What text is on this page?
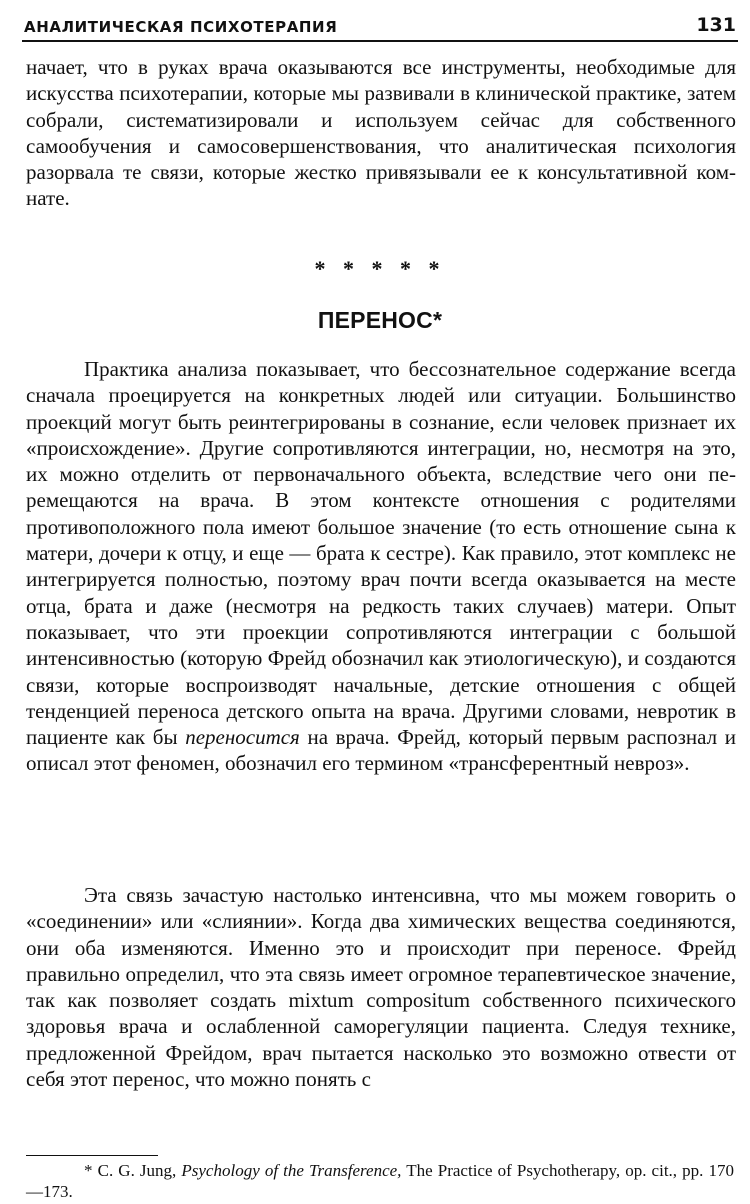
АНАЛИТИЧЕСКАЯ ПСИХОТЕРАПИЯ	131

начает, что в руках врача оказываются все инструменты, необходимые для искусства психотерапии, которые мы развивали в клинической практике, затем собрали, систематизировали и используем сейчас для собственного самообучения и самосовершенствования, что аналитическая психология разорвала те связи, которые жестко привязывали ее к консультативной комнате.

* * * * *
ПЕРЕНОС*

Практика анализа показывает, что бессознательное содержание всегда сначала проецируется на конкретных людей или ситуации. Большинство проекций могут быть реинтегрированы в сознание, если человек признает их «происхождение». Другие сопротивляются интеграции, но, несмотря на это, их можно отделить от первоначального объекта, вследствие чего они перемещаются на врача. В этом контексте отношения с родителями противоположного пола имеют большое значение (то есть отношение сына к матери, дочери к отцу, и еще — брата к сестре). Как правило, этот комплекс не интегрируется полностью, поэтому врач почти всегда оказывается на месте отца, брата и даже (несмотря на редкость таких случаев) матери. Опыт показывает, что эти проекции сопротивляются интеграции с большой интенсивностью (которую Фрейд обозначил как этиологическую), и создаются связи, которые воспроизводят начальные, детские отношения с общей тенденцией переноса детского опыта на врача. Другими словами, невротик в пациенте как бы переносится на врача. Фрейд, который первым распознал и описал этот феномен, обозначил его термином «трансферентный невроз».

Эта связь зачастую настолько интенсивна, что мы можем говорить о «соединении» или «слиянии». Когда два химических вещества соединяются, они оба изменяются. Именно это и происходит при переносе. Фрейд правильно определил, что эта связь имеет огромное терапевтическое значение, так как позволяет создать mixtum compositum собственного психического здоровья врача и ослабленной саморегуляции пациента. Следуя технике, предложенной Фрейдом, врач пытается насколько это возможно отвести от себя этот перенос, что можно понять с

* C. G. Jung, Psychology of the Transference, The Practice of Psychotherapy, op. cit., pp. 170—173.
